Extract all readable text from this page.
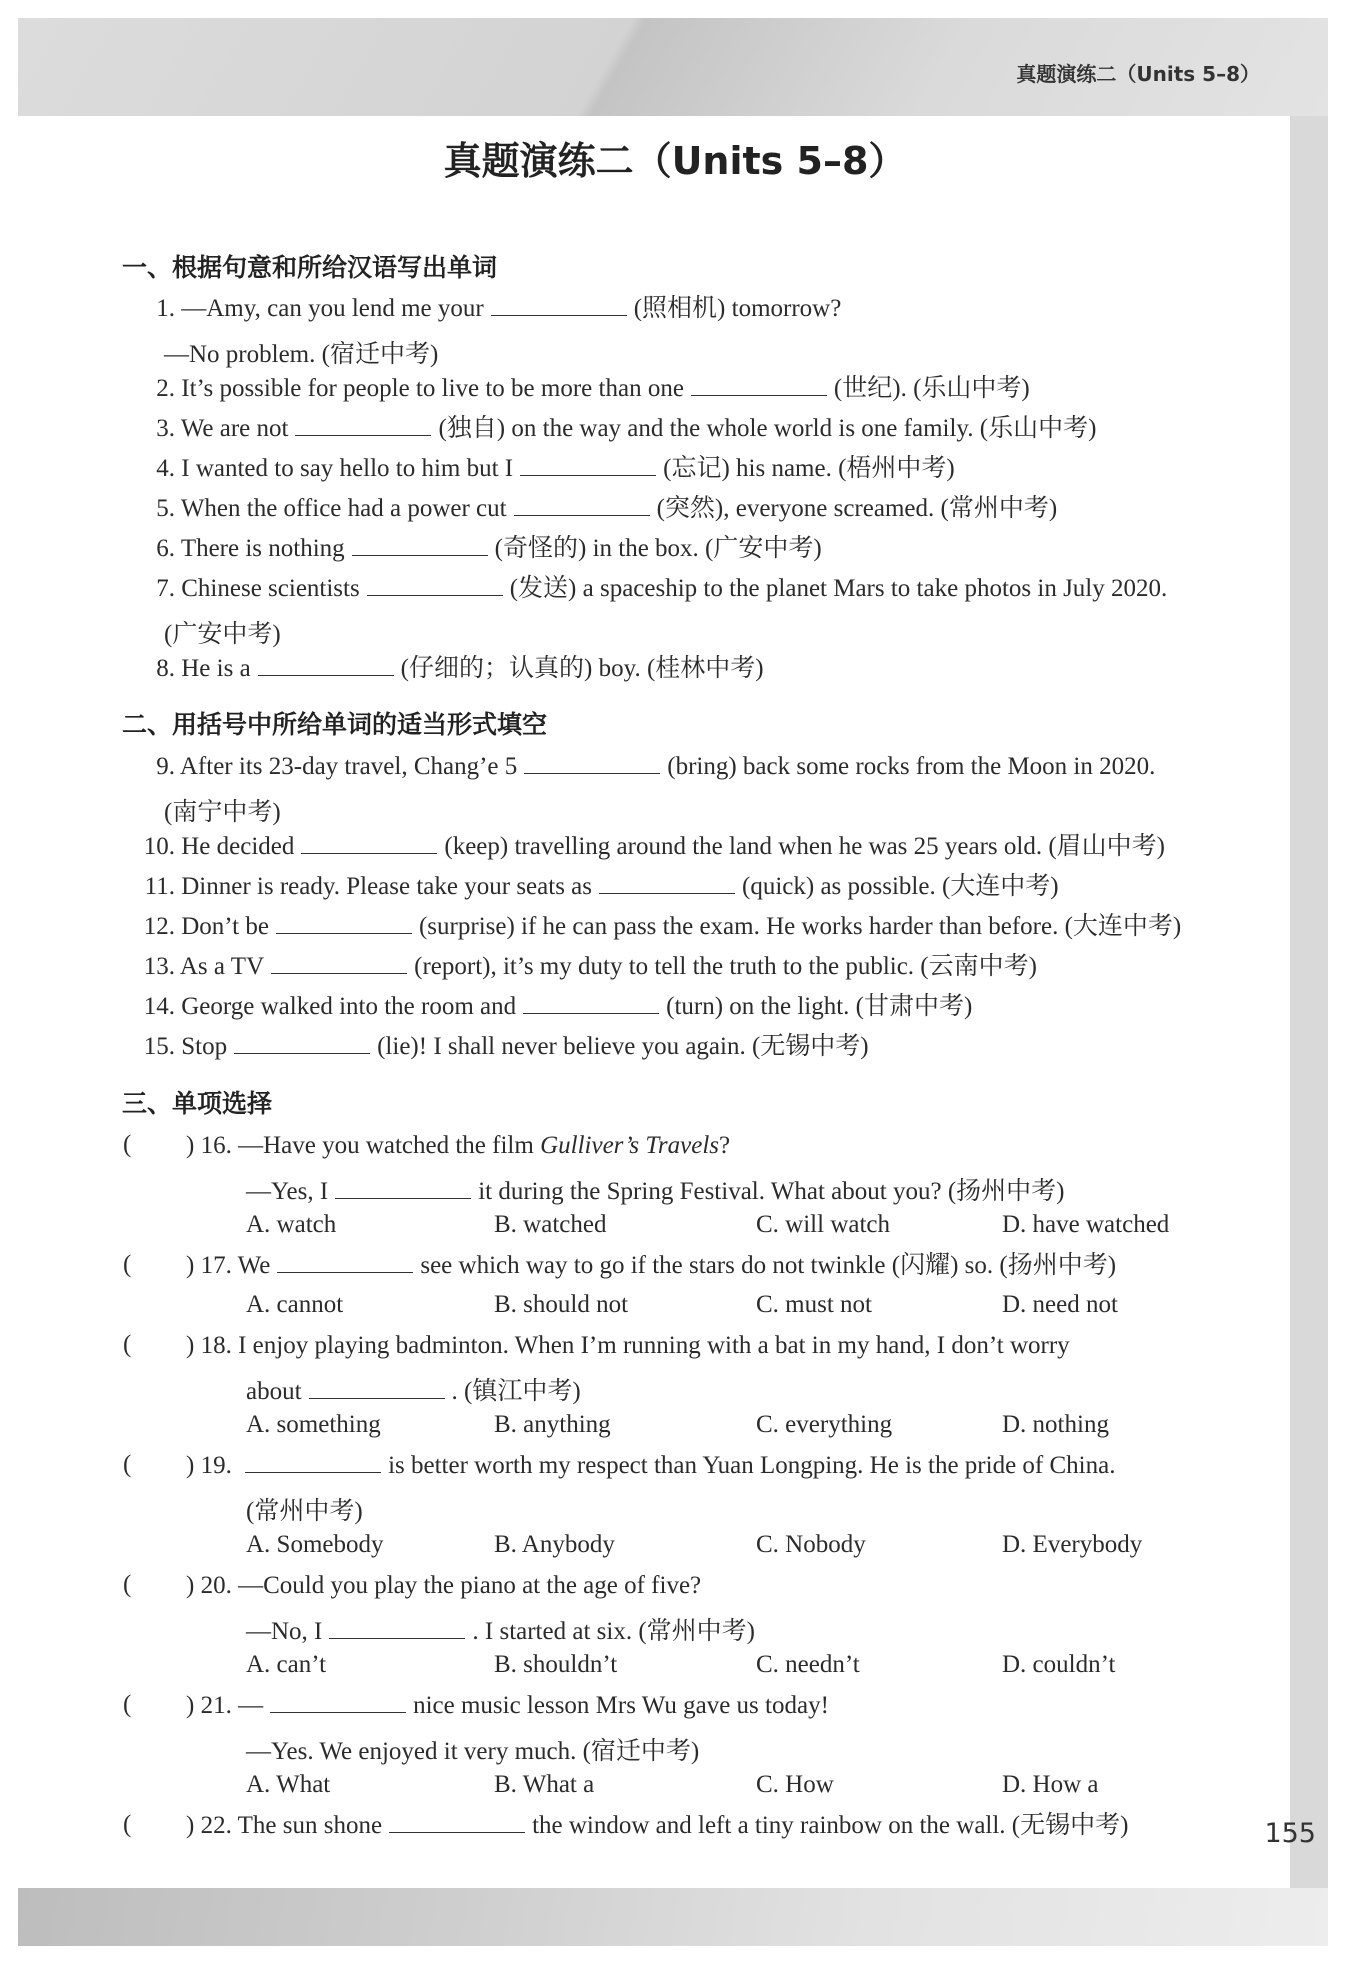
真题演练二（Units 5–8）
真题演练二（Units 5–8）
155
一、根据句意和所给汉语写出单词
1. —Amy, can you lend me your	(照相机) tomorrow?
—No problem. (宿迁中考)
2. It’s possible for people to live to be more than one	(世纪). (乐山中考)
3. We are not	(独自) on the way and the whole world is one family. (乐山中考)
4. I wanted to say hello to him but I	(忘记) his name. (梧州中考)
5. When the office had a power cut	(突然), everyone screamed. (常州中考)
6. There is nothing	(奇怪的) in the box. (广安中考)
7. Chinese scientists	(发送) a spaceship to the planet Mars to take photos in July 2020.
(广安中考)
8. He is a	(仔细的；认真的) boy. (桂林中考)
二、用括号中所给单词的适当形式填空
9. After its 23-day travel, Chang’e 5	(bring) back some rocks from the Moon in 2020.
(南宁中考)
10. He decided	(keep) travelling around the land when he was 25 years old. (眉山中考)
11. Dinner is ready. Please take your seats as	(quick) as possible. (大连中考)
12. Don’t be	(surprise) if he can pass the exam. He works harder than before. (大连中考)
13. As a TV	(report), it’s my duty to tell the truth to the public. (云南中考)
14. George walked into the room and	(turn) on the light. (甘肃中考)
15. Stop	(lie)! I shall never believe you again. (无锡中考)
三、单项选择
( ) 16. —Have you watched the film Gulliver’s Travels?
—Yes, I	it during the Spring Festival. What about you? (扬州中考)
A. watch	B. watched	C. will watch	D. have watched
( ) 17. We	see which way to go if the stars do not twinkle (闪耀) so. (扬州中考)
A. cannot	B. should not	C. must not	D. need not
( ) 18. I enjoy playing badminton. When I’m running with a bat in my hand, I don’t worry
about	. (镇江中考)
A. something	B. anything	C. everything	D. nothing
( ) 19.	is better worth my respect than Yuan Longping. He is the pride of China.
(常州中考)
A. Somebody	B. Anybody	C. Nobody	D. Everybody
( ) 20. —Could you play the piano at the age of five?
—No, I	. I started at six. (常州中考)
A. can’t	B. shouldn’t	C. needn’t	D. couldn’t
( ) 21. —	nice music lesson Mrs Wu gave us today!
—Yes. We enjoyed it very much. (宿迁中考)
A. What	B. What a	C. How	D. How a
( ) 22. The sun shone	the window and left a tiny rainbow on the wall. (无锡中考)
